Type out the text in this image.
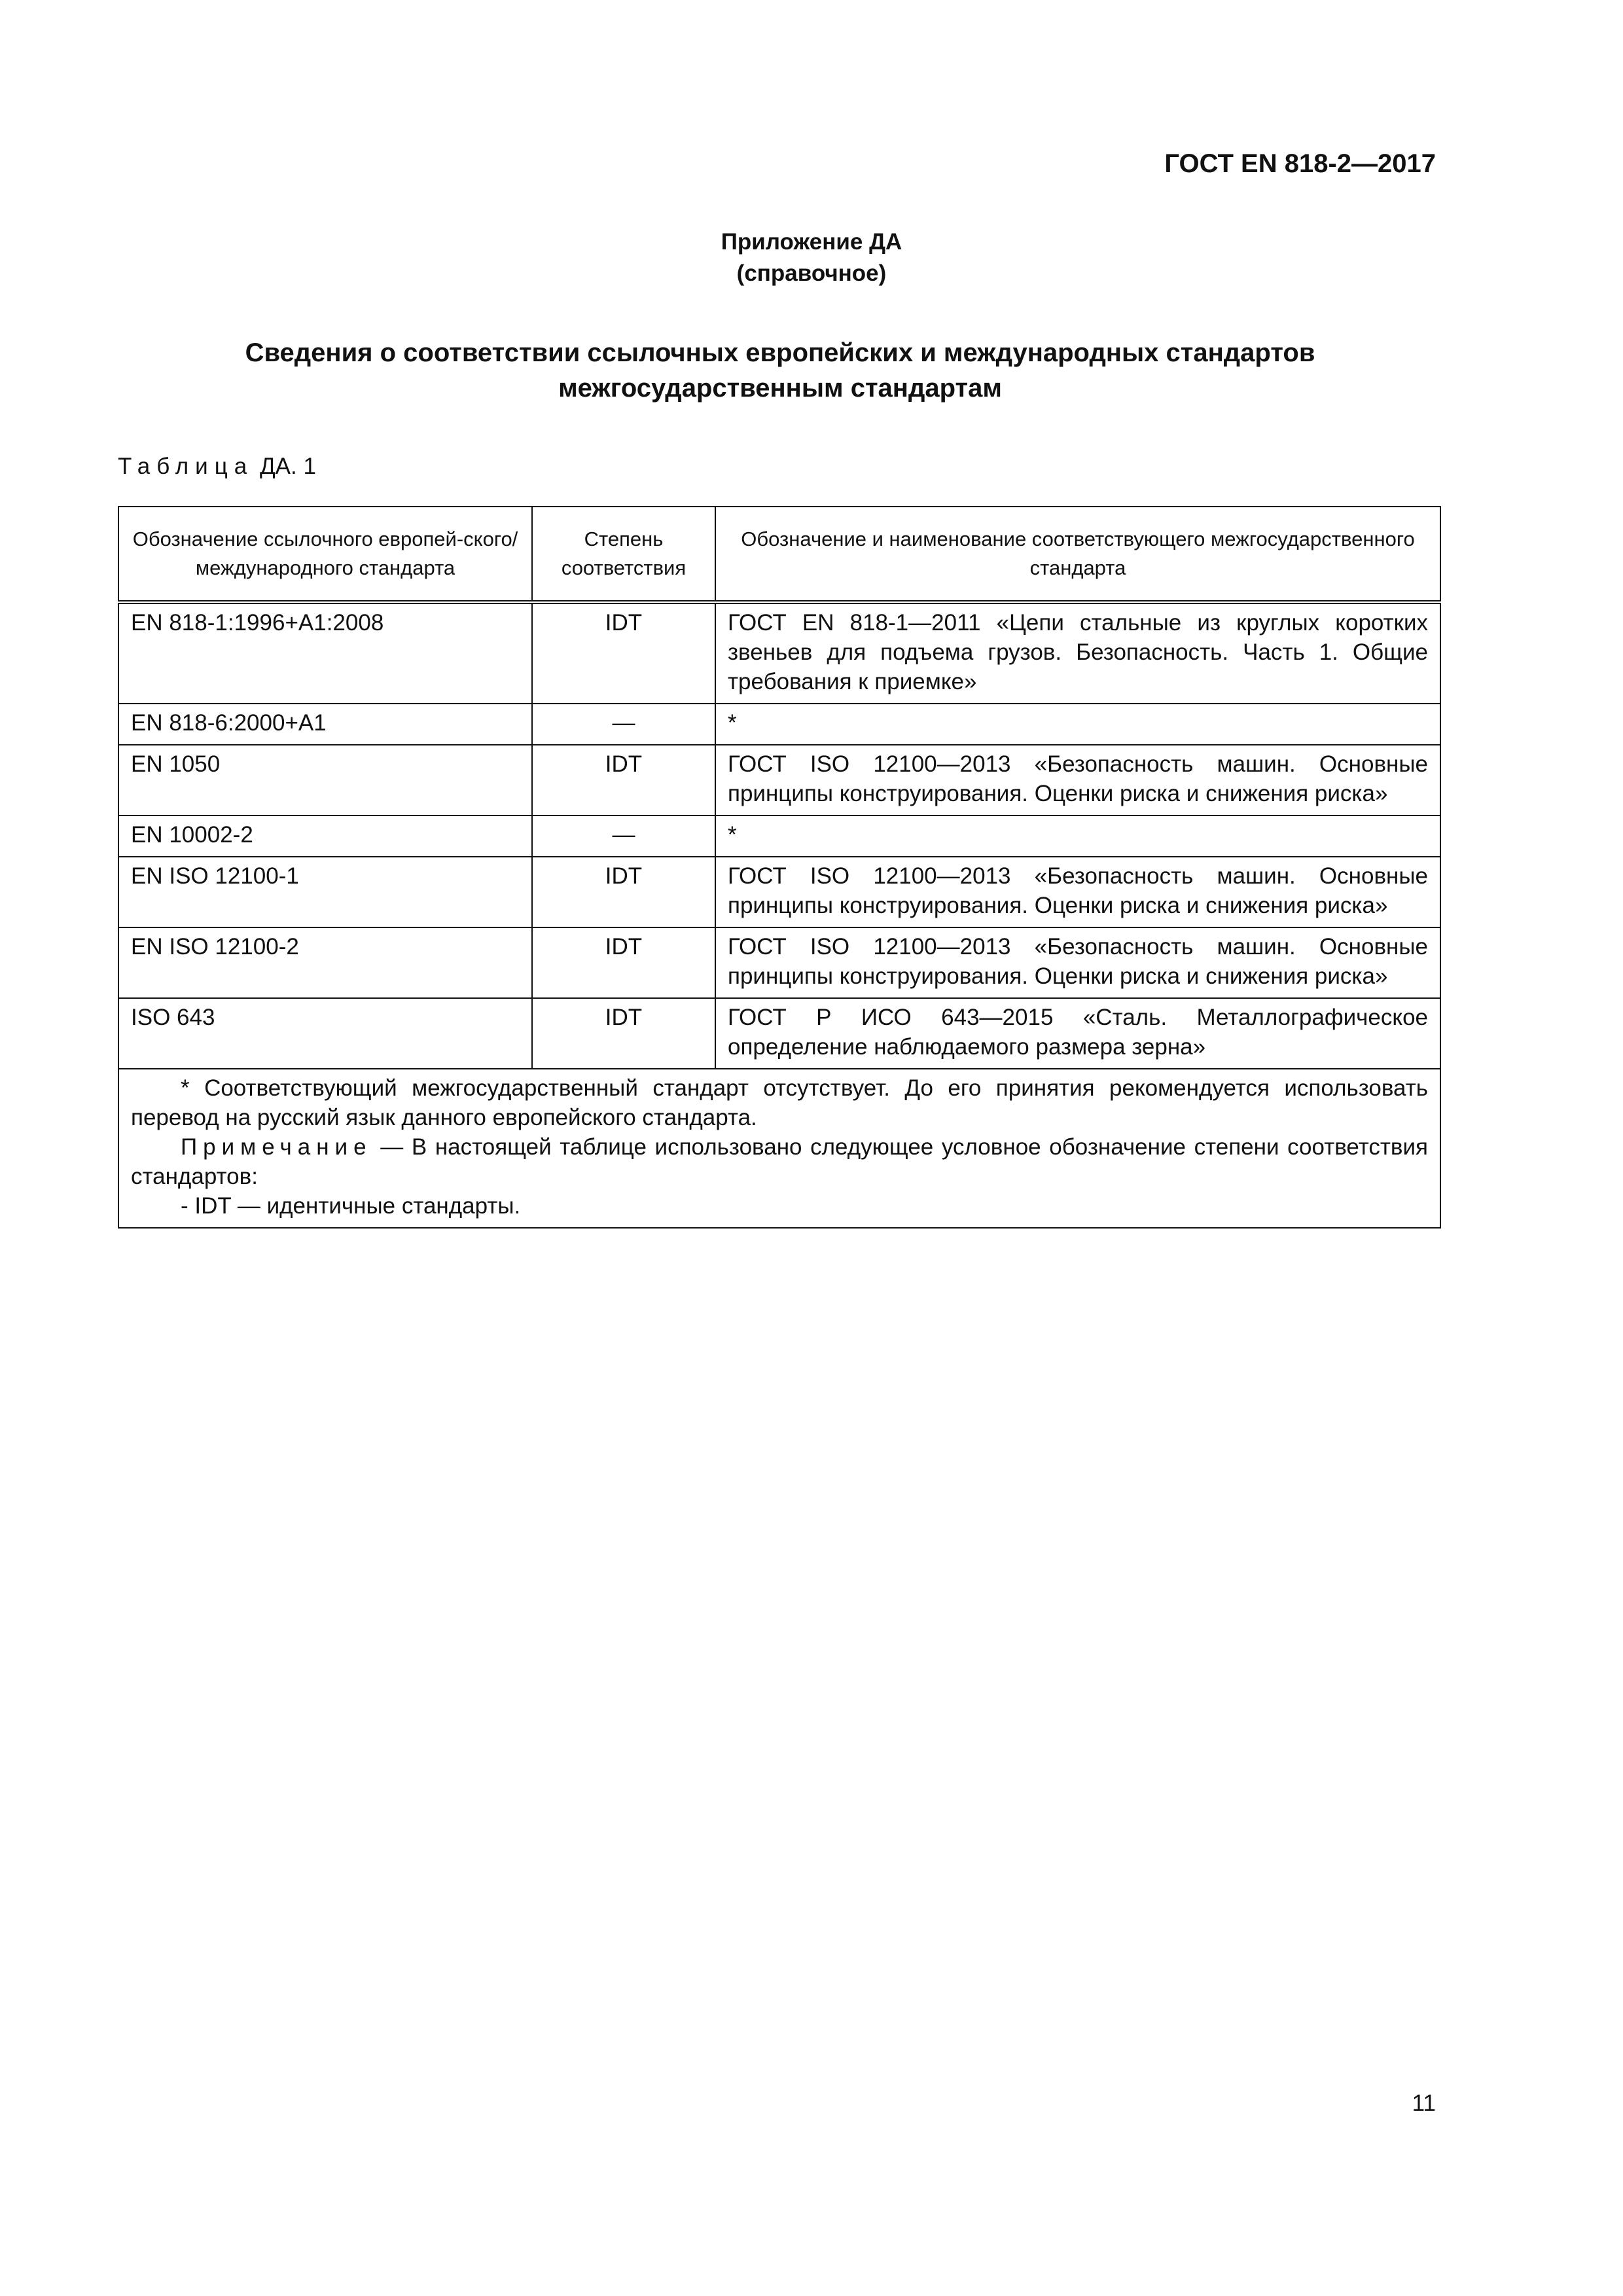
ГОСТ EN 818-2—2017
Приложение ДА
(справочное)
Сведения о соответствии ссылочных европейских и международных стандартов
межгосударственным стандартам
Таблица ДА. 1
Обозначение ссылочного европей-ского/международного стандарта	Степень соответствия	Обозначение и наименование соответствующего межгосударственного стандарта
EN 818-1:1996+A1:2008	IDT	ГОСТ EN 818-1—2011 «Цепи стальные из круглых коротких звеньев для подъема грузов. Безопасность. Часть 1. Общие требования к приемке»
EN 818-6:2000+A1	—	*
EN 1050	IDT	ГОСТ ISO 12100—2013 «Безопасность машин. Основные принципы конструирования. Оценки риска и снижения риска»
EN 10002-2	—	*
EN ISO 12100-1	IDT	ГОСТ ISO 12100—2013 «Безопасность машин. Основные принципы конструирования. Оценки риска и снижения риска»
EN ISO 12100-2	IDT	ГОСТ ISO 12100—2013 «Безопасность машин. Основные принципы конструирования. Оценки риска и снижения риска»
ISO 643	IDT	ГОСТ Р ИСО 643—2015 «Сталь. Металлографическое определение наблюдаемого размера зерна»

* Соответствующий межгосударственный стандарт отсутствует. До его принятия рекомендуется использовать перевод на русский язык данного европейского стандарта.

Примечание — В настоящей таблице использовано следующее условное обозначение степени соответствия стандартов:

- IDT — идентичные стандарты.		

11
